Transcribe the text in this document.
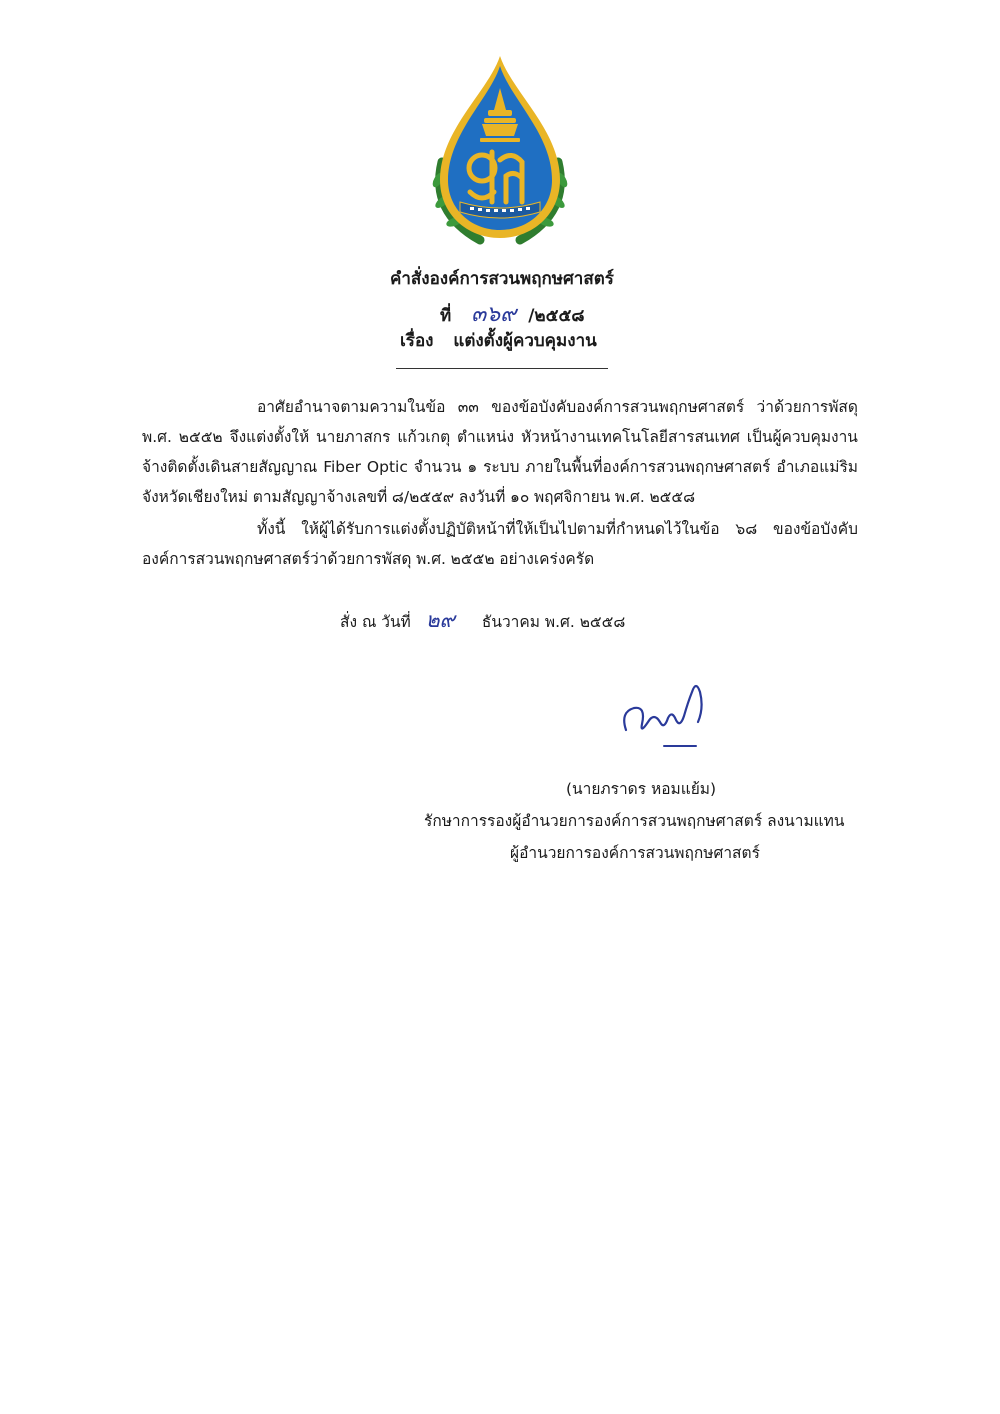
คำสั่งองค์การสวนพฤกษศาสตร์
ที่ ๓๖๙ /๒๕๕๘
เรื่อง แต่งตั้งผู้ควบคุมงาน
อาศัยอำนาจตามความในข้อ ๓๓ ของข้อบังคับองค์การสวนพฤกษศาสตร์ ว่าด้วยการพัสดุ
พ.ศ. ๒๕๕๒ จึงแต่งตั้งให้ นายภาสกร แก้วเกตุ ตำแหน่ง หัวหน้างานเทคโนโลยีสารสนเทศ เป็นผู้ควบคุมงาน
จ้างติดตั้งเดินสายสัญญาณ Fiber Optic จำนวน ๑ ระบบ ภายในพื้นที่องค์การสวนพฤกษศาสตร์ อำเภอแม่ริม
จังหวัดเชียงใหม่ ตามสัญญาจ้างเลขที่ ๘/๒๕๕๙ ลงวันที่ ๑๐ พฤศจิกายน พ.ศ. ๒๕๕๘
ทั้งนี้ ให้ผู้ได้รับการแต่งตั้งปฏิบัติหน้าที่ให้เป็นไปตามที่กำหนดไว้ในข้อ ๖๘ ของข้อบังคับ
องค์การสวนพฤกษศาสตร์ว่าด้วยการพัสดุ พ.ศ. ๒๕๕๒ อย่างเคร่งครัด
สั่ง ณ วันที่ ๒๙ ธันวาคม พ.ศ. ๒๕๕๘
(นายภราดร หอมแย้ม)
รักษาการรองผู้อำนวยการองค์การสวนพฤกษศาสตร์ ลงนามแทน
ผู้อำนวยการองค์การสวนพฤกษศาสตร์
